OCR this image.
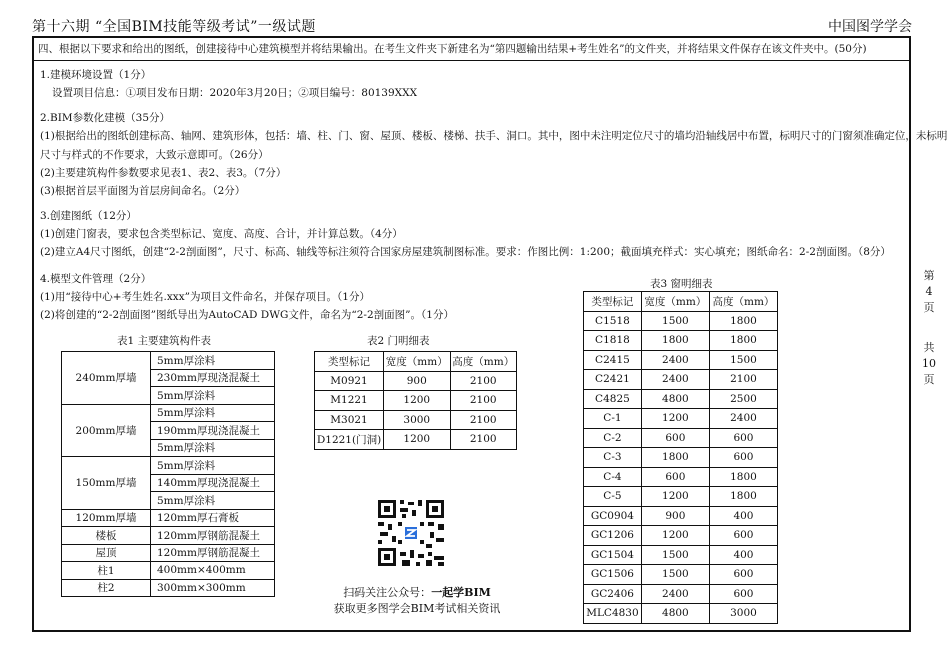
第十六期 “全国BIM技能等级考试”一级试题	中国图学学会
四、根据以下要求和给出的图纸，创建接待中心建筑模型并将结果输出。在考生文件夹下新建名为“第四题输出结果+考生姓名”的文件夹，并将结果文件保存在该文件夹中。(50分)
1.建模环境设置（1分）
设置项目信息：①项目发布日期：2020年3月20日；②项目编号：80139XXX
2.BIM参数化建模（35分）
(1)根据给出的图纸创建标高、轴网、建筑形体，包括：墙、柱、门、窗、屋顶、楼板、楼梯、扶手、洞口。其中，图中未注明定位尺寸的墙均沿轴线居中布置，标明尺寸的门窗须准确定位，未标明
尺寸与样式的不作要求，大致示意即可。（26分）
(2)主要建筑构件参数要求见表1、表2、表3。（7分）
(3)根据首层平面图为首层房间命名。（2分）
3.创建图纸（12分）
(1)创建门窗表，要求包含类型标记、宽度、高度、合计，并计算总数。（4分）
(2)建立A4尺寸图纸，创建“2-2剖面图”，尺寸、标高、轴线等标注须符合国家房屋建筑制图标准。要求：作图比例：1:200；截面填充样式：实心填充；图纸命名：2-2剖面图。（8分）
4.模型文件管理（2分）
(1)用“接待中心+考生姓名.xxx”为项目文件命名，并保存项目。（1分）
(2)将创建的“2-2剖面图”图纸导出为AutoCAD DWG文件，命名为“2-2剖面图”。（1分）
表1 主要建筑构件表
240mm厚墙	5mm厚涂料
	230mm厚现浇混凝土
	5mm厚涂料
200mm厚墙	5mm厚涂料
	190mm厚现浇混凝土
	5mm厚涂料
150mm厚墙	5mm厚涂料
	140mm厚现浇混凝土
	5mm厚涂料
120mm厚墙	120mm厚石膏板
楼板	120mm厚钢筋混凝土
屋顶	120mm厚钢筋混凝土
柱1	400mm×400mm
柱2	300mm×300mm
表2 门明细表
类型标记	宽度（mm）	高度（mm）
M0921	900	2100
M1221	1200	2100
M3021	3000	2100
D1221(门洞)	1200	2100
表3 窗明细表
类型标记	宽度（mm）	高度（mm）
C1518	1500	1800
C1818	1800	1800
C2415	2400	1500
C2421	2400	2100
C4825	4800	2500
C-1	1200	2400
C-2	600	600
C-3	1800	600
C-4	600	1800
C-5	1200	1800
GC0904	900	400
GC1206	1200	600
GC1504	1500	400
GC1506	1500	600
GC2406	2400	600
MLC4830	4800	3000
扫码关注公众号：一起学BIM
获取更多图学会BIM考试相关资讯
第
4
页
共
10
页
